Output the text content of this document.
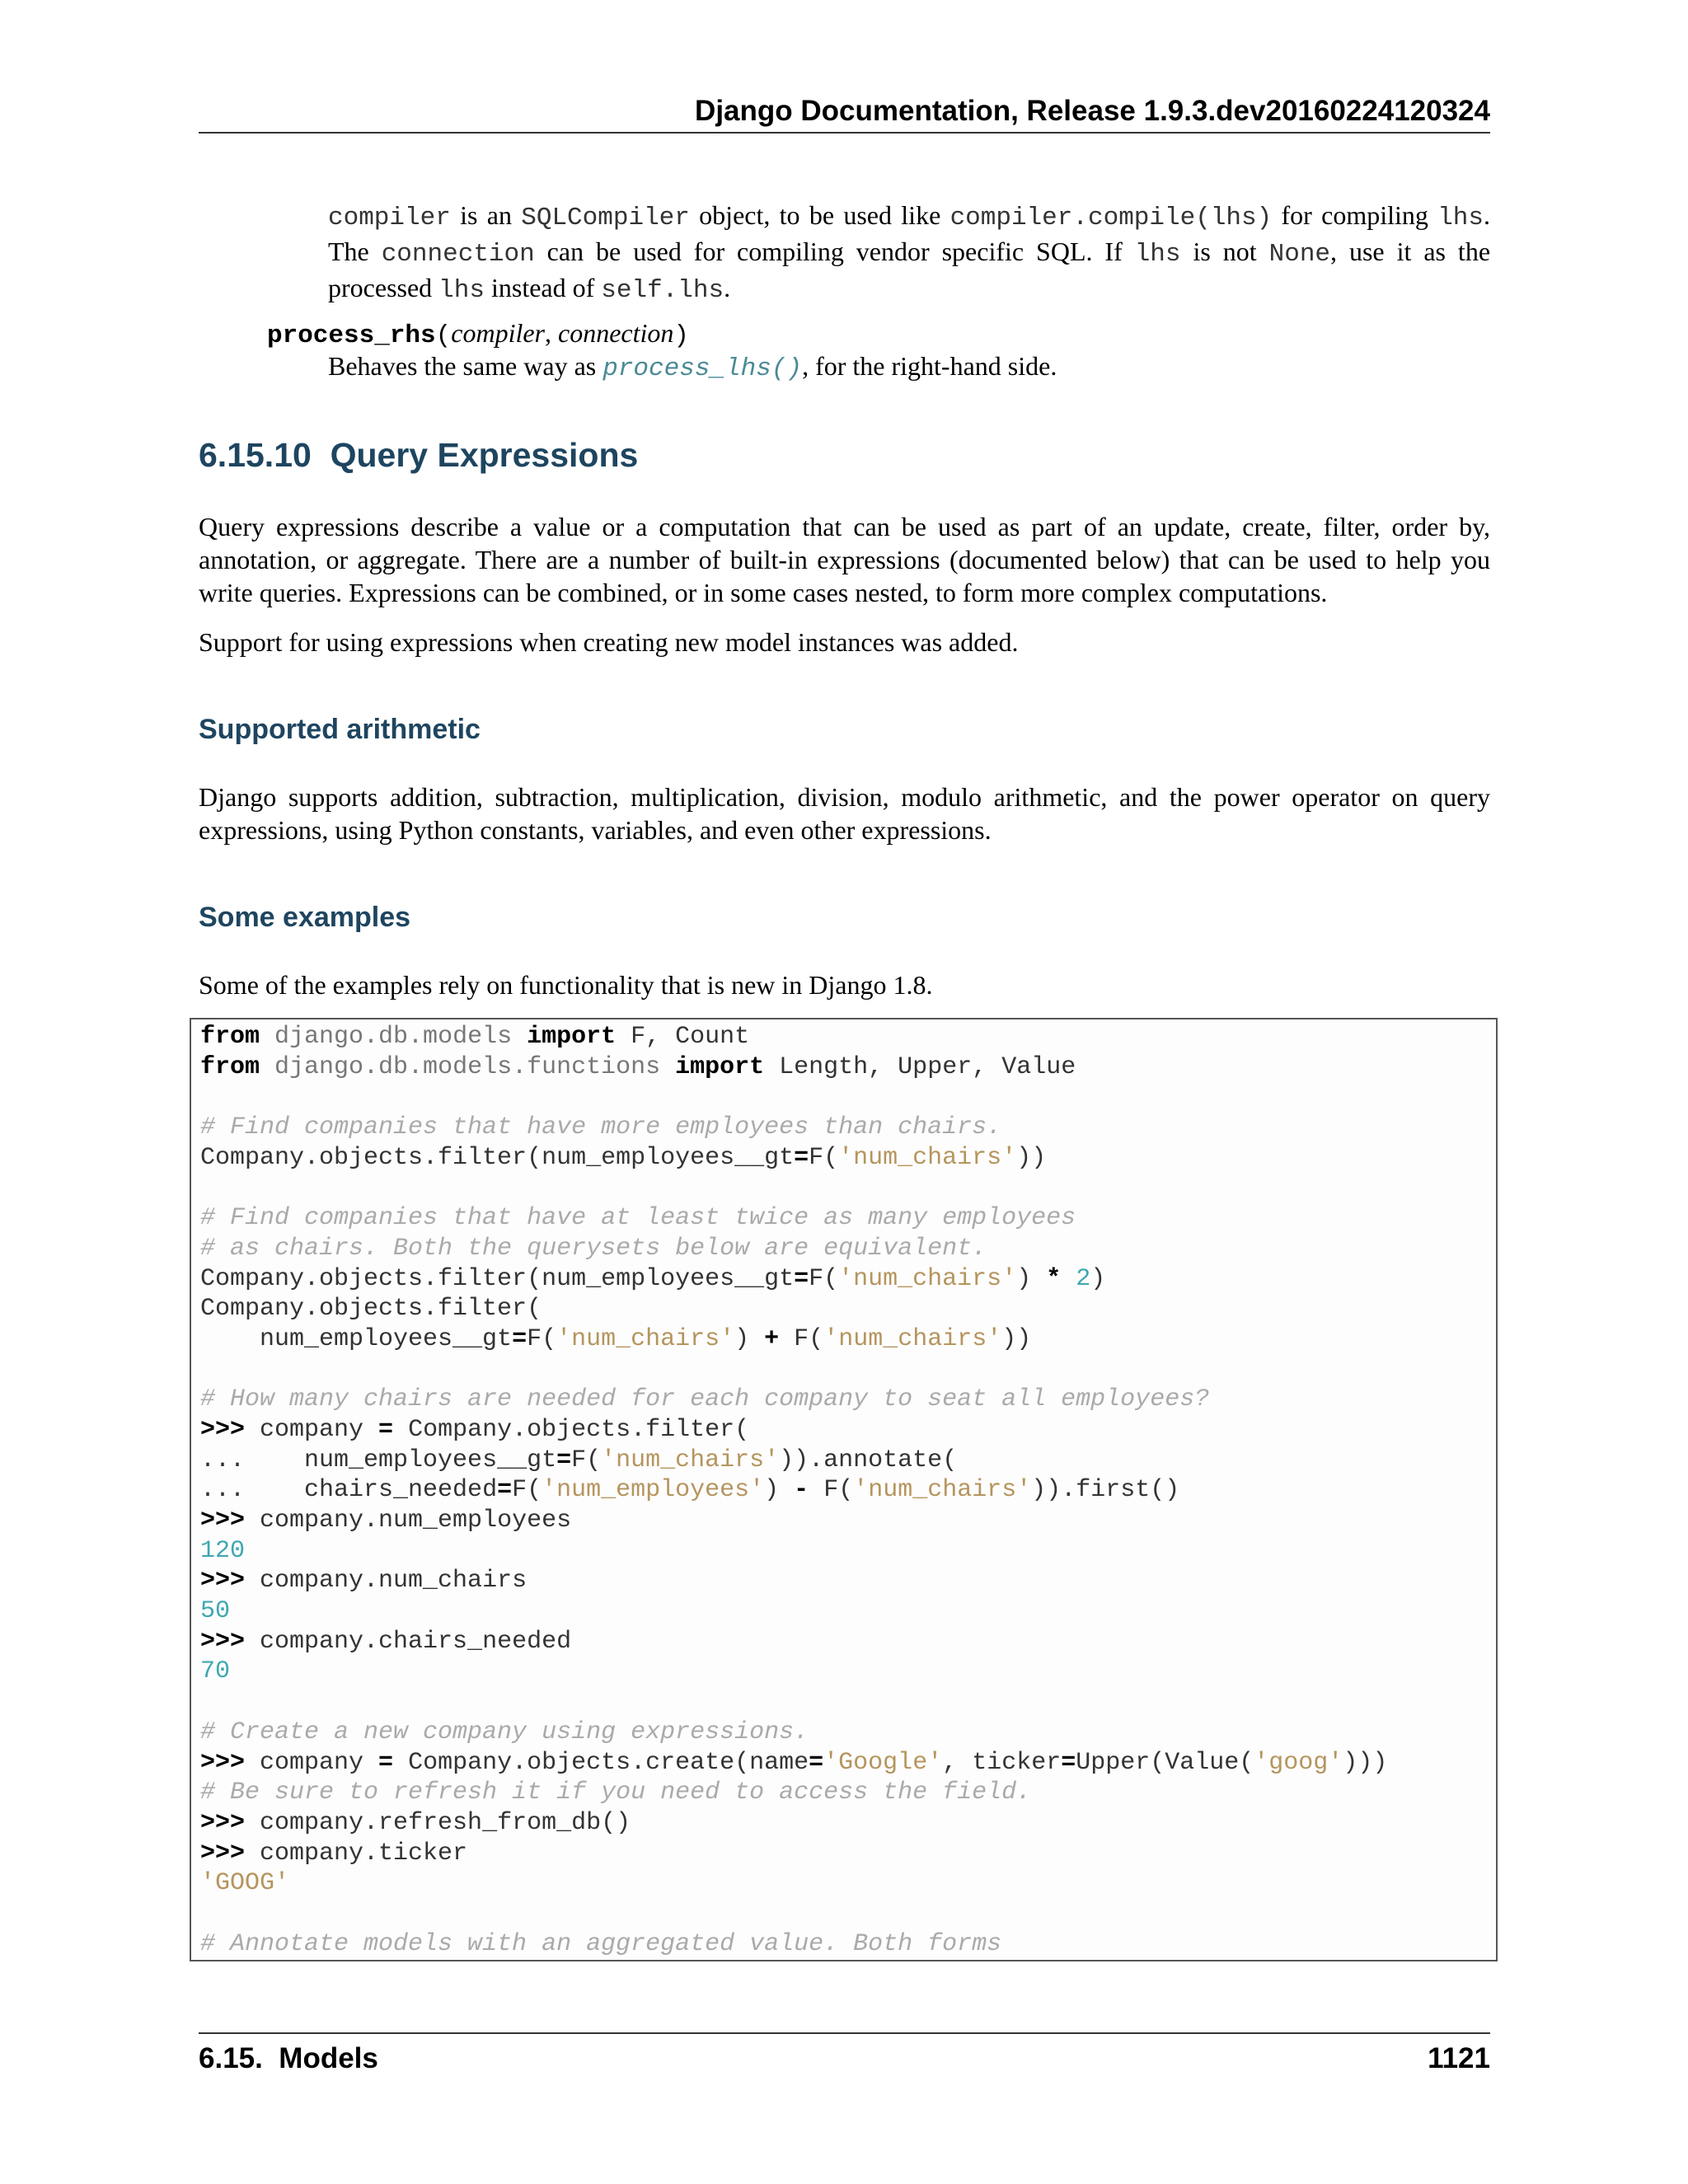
Django Documentation, Release 1.9.3.dev20160224120324

compiler is an SQLCompiler object, to be used like compiler.compile(lhs) for compiling lhs. The connection can be used for compiling vendor specific SQL. If lhs is not None, use it as the processed lhs instead of self.lhs.

process_rhs(compiler, connection)

Behaves the same way as process_lhs(), for the right-hand side.

6.15.10 Query Expressions

Query expressions describe a value or a computation that can be used as part of an update, create, filter, order by, annotation, or aggregate. There are a number of built-in expressions (documented below) that can be used to help you write queries. Expressions can be combined, or in some cases nested, to form more complex computations.

Support for using expressions when creating new model instances was added.

Supported arithmetic

Django supports addition, subtraction, multiplication, division, modulo arithmetic, and the power operator on query expressions, using Python constants, variables, and even other expressions.

Some examples

Some of the examples rely on functionality that is new in Django 1.8.

from django.db.models import F, Count
from django.db.models.functions import Length, Upper, Value
# Find companies that have more employees than chairs.
Company.objects.filter(num_employees__gt=F('num_chairs'))
# Find companies that have at least twice as many employees
# as chairs. Both the querysets below are equivalent.
Company.objects.filter(num_employees__gt=F('num_chairs') * 2)
Company.objects.filter(
num_employees__gt=F('num_chairs') + F('num_chairs'))
# How many chairs are needed for each company to seat all employees?
>>> company = Company.objects.filter(
...    num_employees__gt=F('num_chairs')).annotate(
...    chairs_needed=F('num_employees') - F('num_chairs')).first()
>>> company.num_employees
120
>>> company.num_chairs
50
>>> company.chairs_needed
70
# Create a new company using expressions.
>>> company = Company.objects.create(name='Google', ticker=Upper(Value('goog')))
# Be sure to refresh it if you need to access the field.
>>> company.refresh_from_db()
>>> company.ticker
'GOOG'
# Annotate models with an aggregated value. Both forms
6.15.  Models	1121
